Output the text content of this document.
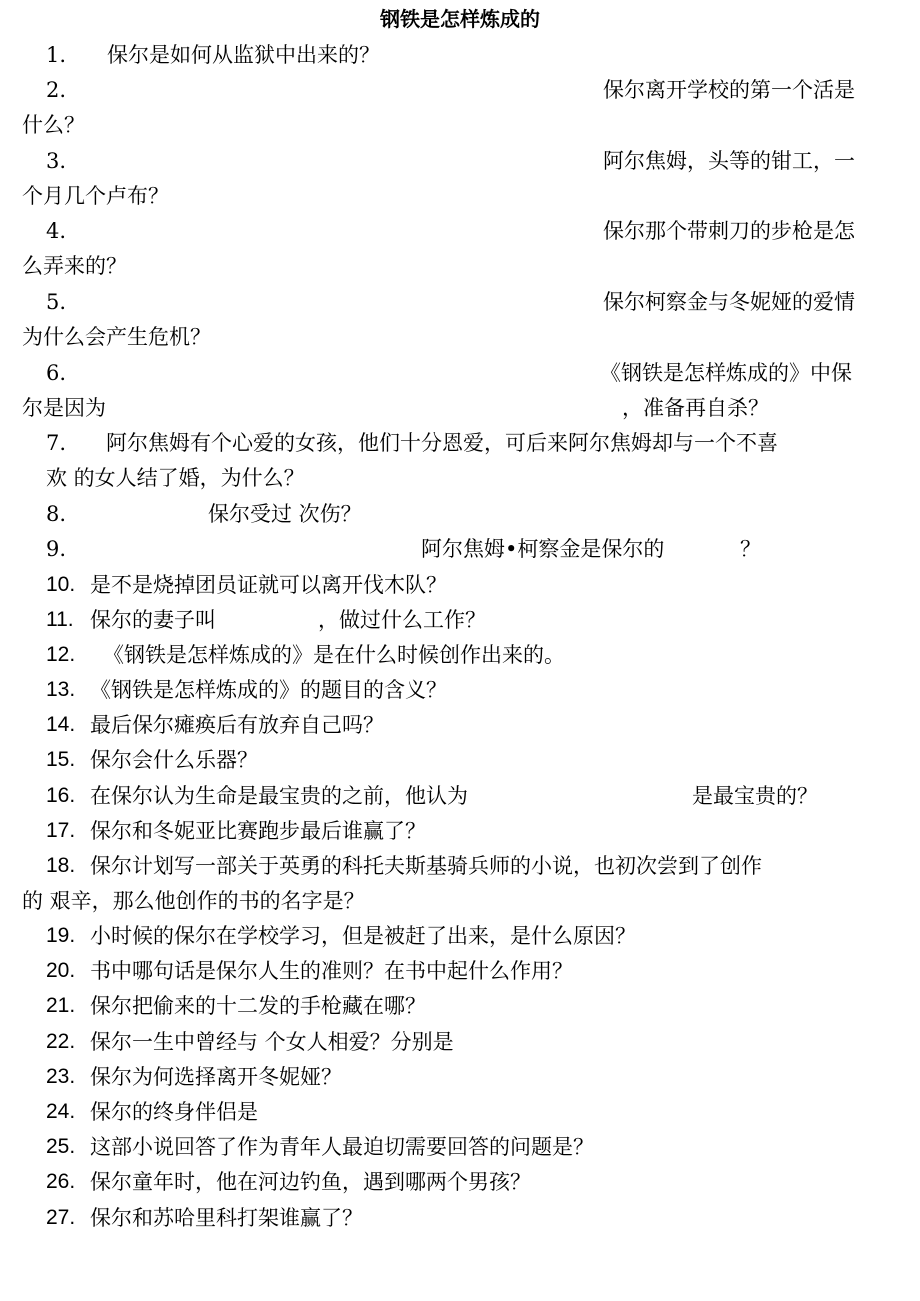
钢铁是怎样炼成的
1. 保尔是如何从监狱中出来的？
2.	保尔离开学校的第一个活是
什么？
3.	阿尔焦姆，头等的钳工，一
个月几个卢布？
4.	保尔那个带刺刀的步枪是怎
么弄来的？
5.	保尔柯察金与冬妮娅的爱情
为什么会产生危机？
6.	《钢铁是怎样炼成的》中保
尔是因为	，准备再自杀？
7. 阿尔焦姆有个心爱的女孩，他们十分恩爱，可后来阿尔焦姆却与一个不喜
欢 的女人结了婚，为什么？
8.	保尔受过 次伤？
9.	阿尔焦姆•柯察金是保尔的	？
10. 是不是烧掉团员证就可以离开伐木队？
11. 保尔的妻子叫	，做过什么工作？
12. 《钢铁是怎样炼成的》是在什么时候创作出来的。
13. 《钢铁是怎样炼成的》的题目的含义？
14. 最后保尔瘫痪后有放弃自己吗？
15. 保尔会什么乐器？
16. 在保尔认为生命是最宝贵的之前，他认为	是最宝贵的？
17. 保尔和冬妮亚比赛跑步最后谁赢了？
18. 保尔计划写一部关于英勇的科托夫斯基骑兵师的小说，也初次尝到了创作
的 艰辛，那么他创作的书的名字是？
19. 小时候的保尔在学校学习，但是被赶了出来，是什么原因？
20. 书中哪句话是保尔人生的准则？在书中起什么作用？
21. 保尔把偷来的十二发的手枪藏在哪？
22. 保尔一生中曾经与 个女人相爱？分别是
23. 保尔为何选择离开冬妮娅？
24. 保尔的终身伴侣是
25. 这部小说回答了作为青年人最迫切需要回答的问题是？
26. 保尔童年时，他在河边钓鱼，遇到哪两个男孩？
27. 保尔和苏哈里科打架谁赢了？
